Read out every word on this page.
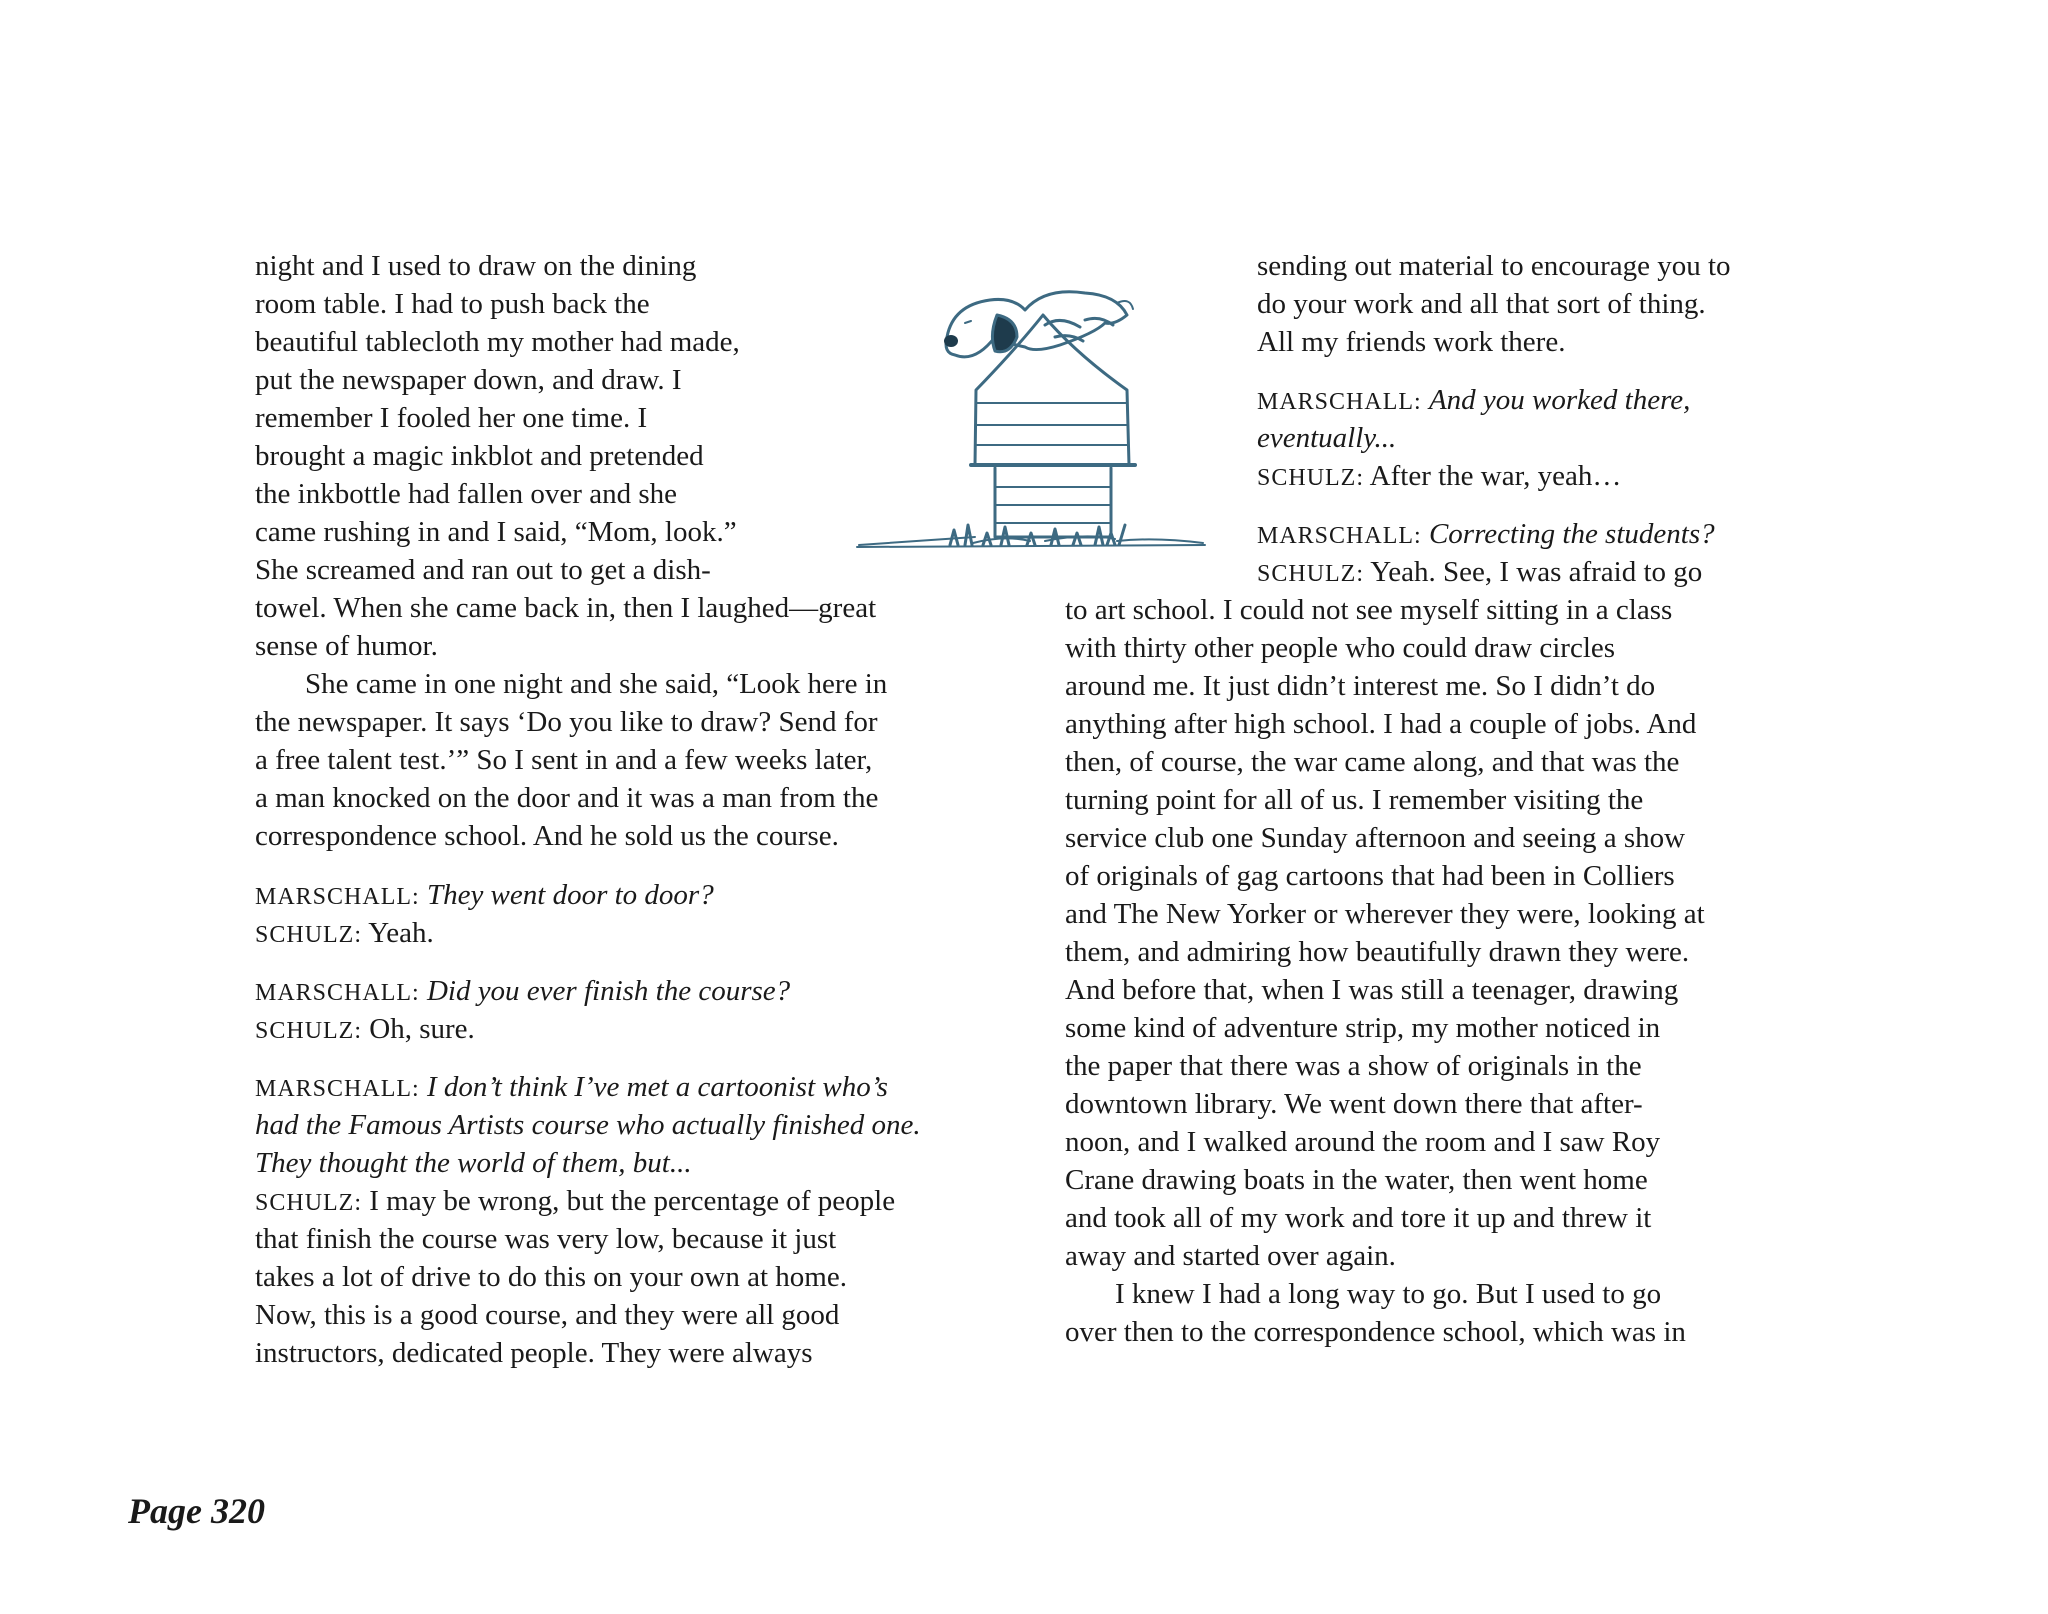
night and I used to draw on the dining
room table. I had to push back the
beautiful tablecloth my mother had made,
put the newspaper down, and draw. I
remember I fooled her one time. I
brought a magic inkblot and pretended
the inkbottle had fallen over and she
came rushing in and I said, “Mom, look.”
She screamed and ran out to get a dish-
towel. When she came back in, then I laughed—great
sense of humor.
She came in one night and she said, “Look here in
the newspaper. It says ‘Do you like to draw? Send for
a free talent test.’” So I sent in and a few weeks later,
a man knocked on the door and it was a man from the
correspondence school. And he sold us the course.
MARSCHALL: They went door to door?
SCHULZ: Yeah.
MARSCHALL: Did you ever finish the course?
SCHULZ: Oh, sure.
MARSCHALL: I don’t think I’ve met a cartoonist who’s
had the Famous Artists course who actually finished one.
They thought the world of them, but...
SCHULZ: I may be wrong, but the percentage of people
that finish the course was very low, because it just
takes a lot of drive to do this on your own at home.
Now, this is a good course, and they were all good
instructors, dedicated people. They were always
sending out material to encourage you to
do your work and all that sort of thing.
All my friends work there.
MARSCHALL: And you worked there,
eventually...
SCHULZ: After the war, yeah…
MARSCHALL: Correcting the students?
SCHULZ: Yeah. See, I was afraid to go
to art school. I could not see myself sitting in a class
with thirty other people who could draw circles
around me. It just didn’t interest me. So I didn’t do
anything after high school. I had a couple of jobs. And
then, of course, the war came along, and that was the
turning point for all of us. I remember visiting the
service club one Sunday afternoon and seeing a show
of originals of gag cartoons that had been in Colliers
and The New Yorker or wherever they were, looking at
them, and admiring how beautifully drawn they were.
And before that, when I was still a teenager, drawing
some kind of adventure strip, my mother noticed in
the paper that there was a show of originals in the
downtown library. We went down there that after-
noon, and I walked around the room and I saw Roy
Crane drawing boats in the water, then went home
and took all of my work and tore it up and threw it
away and started over again.
I knew I had a long way to go. But I used to go
over then to the correspondence school, which was in
Page 320
